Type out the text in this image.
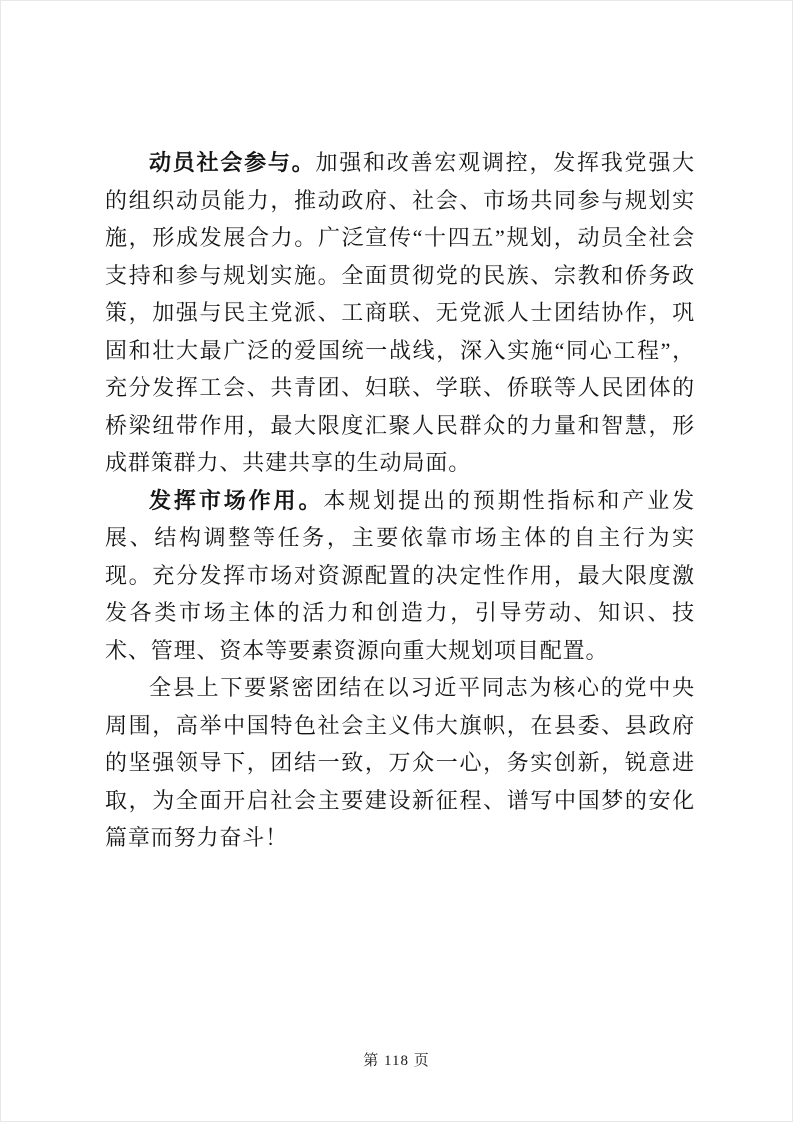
动员社会参与。加强和改善宏观调控，发挥我党强大的组织动员能力，推动政府、社会、市场共同参与规划实施，形成发展合力。广泛宣传“十四五”规划，动员全社会支持和参与规划实施。全面贯彻党的民族、宗教和侨务政策，加强与民主党派、工商联、无党派人士团结协作，巩固和壮大最广泛的爱国统一战线，深入实施“同心工程”，充分发挥工会、共青团、妇联、学联、侨联等人民团体的桥梁纽带作用，最大限度汇聚人民群众的力量和智慧，形成群策群力、共建共享的生动局面。

发挥市场作用。本规划提出的预期性指标和产业发展、结构调整等任务，主要依靠市场主体的自主行为实现。充分发挥市场对资源配置的决定性作用，最大限度激发各类市场主体的活力和创造力，引导劳动、知识、技术、管理、资本等要素资源向重大规划项目配置。

全县上下要紧密团结在以习近平同志为核心的党中央周围，高举中国特色社会主义伟大旗帜，在县委、县政府的坚强领导下，团结一致，万众一心，务实创新，锐意进取，为全面开启社会主要建设新征程、谱写中国梦的安化篇章而努力奋斗！

第 118 页
